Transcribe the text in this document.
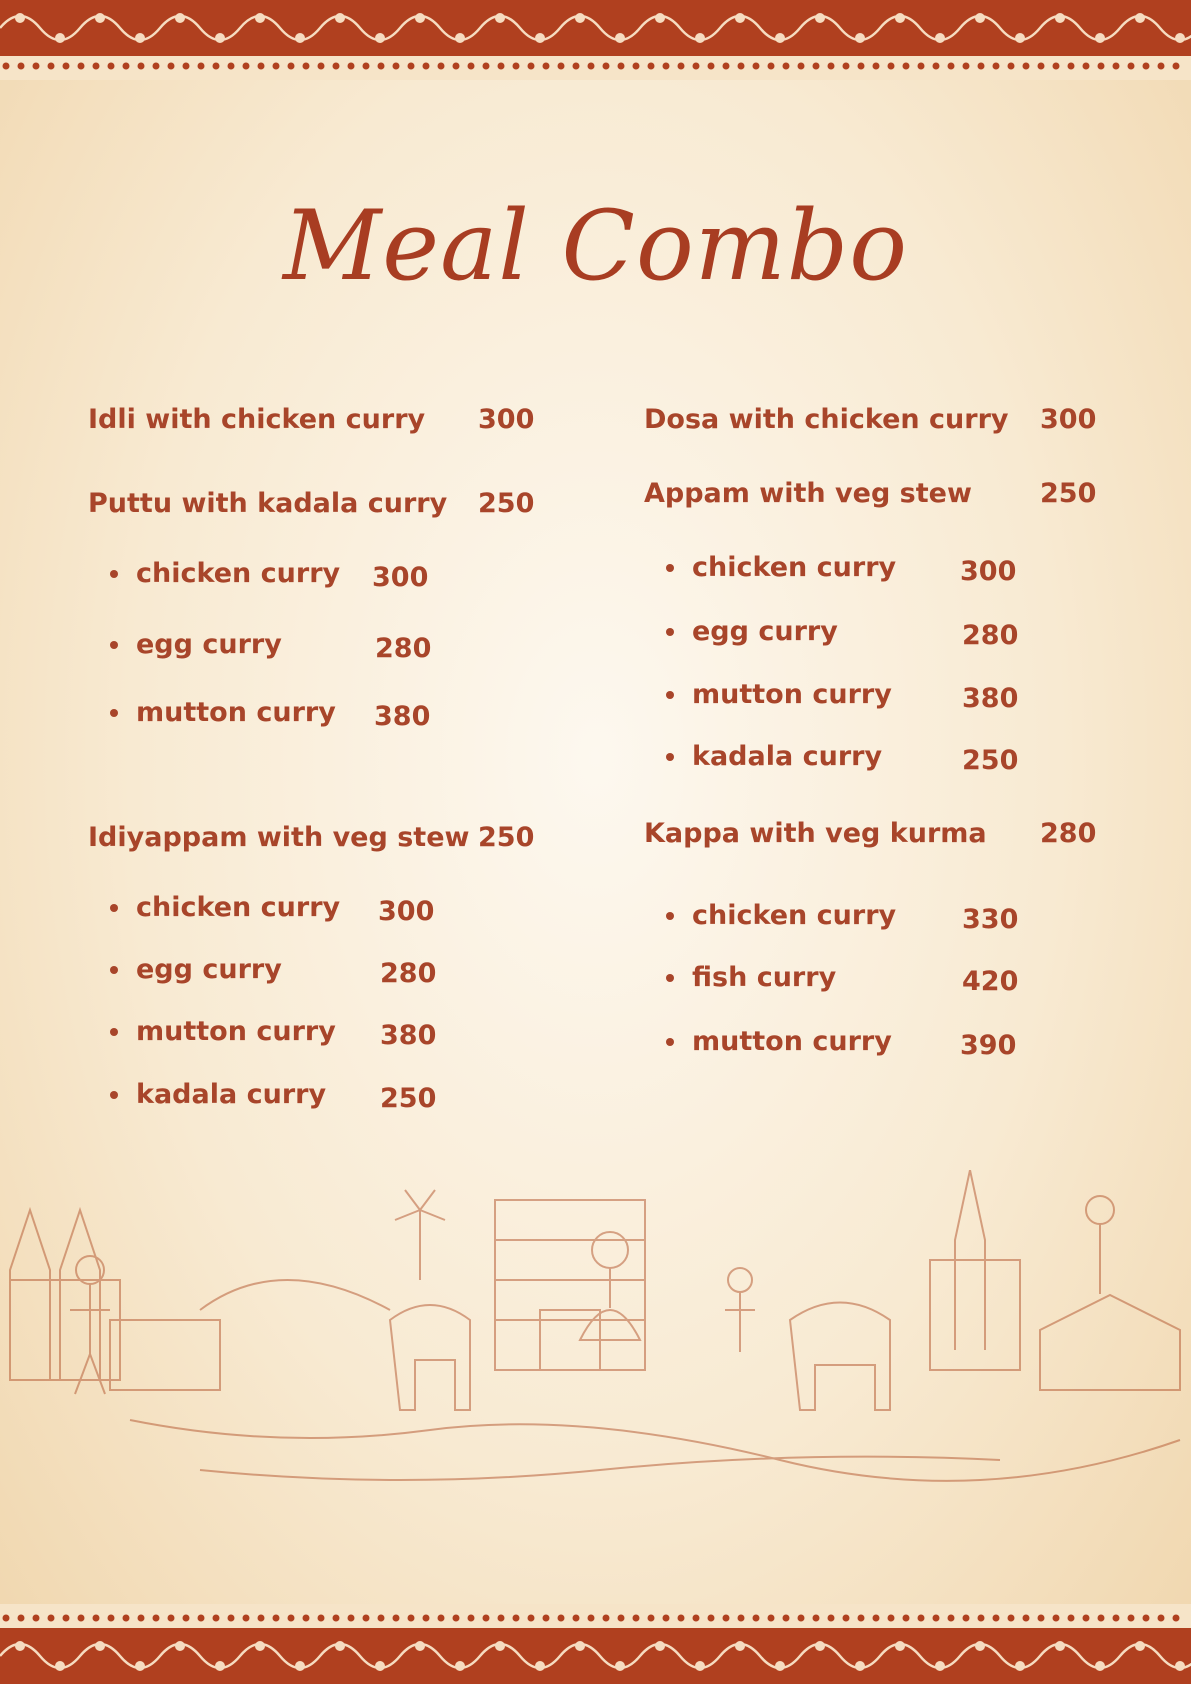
Meal Combo
Idli with chicken curry 300
Puttu with kadala curry 250
chicken curry 300
egg curry	280
mutton curry 380
Idiyappam with veg stew 250
chicken curry 300
egg curry	280
mutton curry 380
kadala curry 250
Dosa with chicken curry 300
Appam with veg stew	250
chicken curry 300
egg curry	280
mutton curry	380
kadala curry	250
Kappa with veg kurma 280
chicken curry 330
fish curry	420
mutton curry	390
